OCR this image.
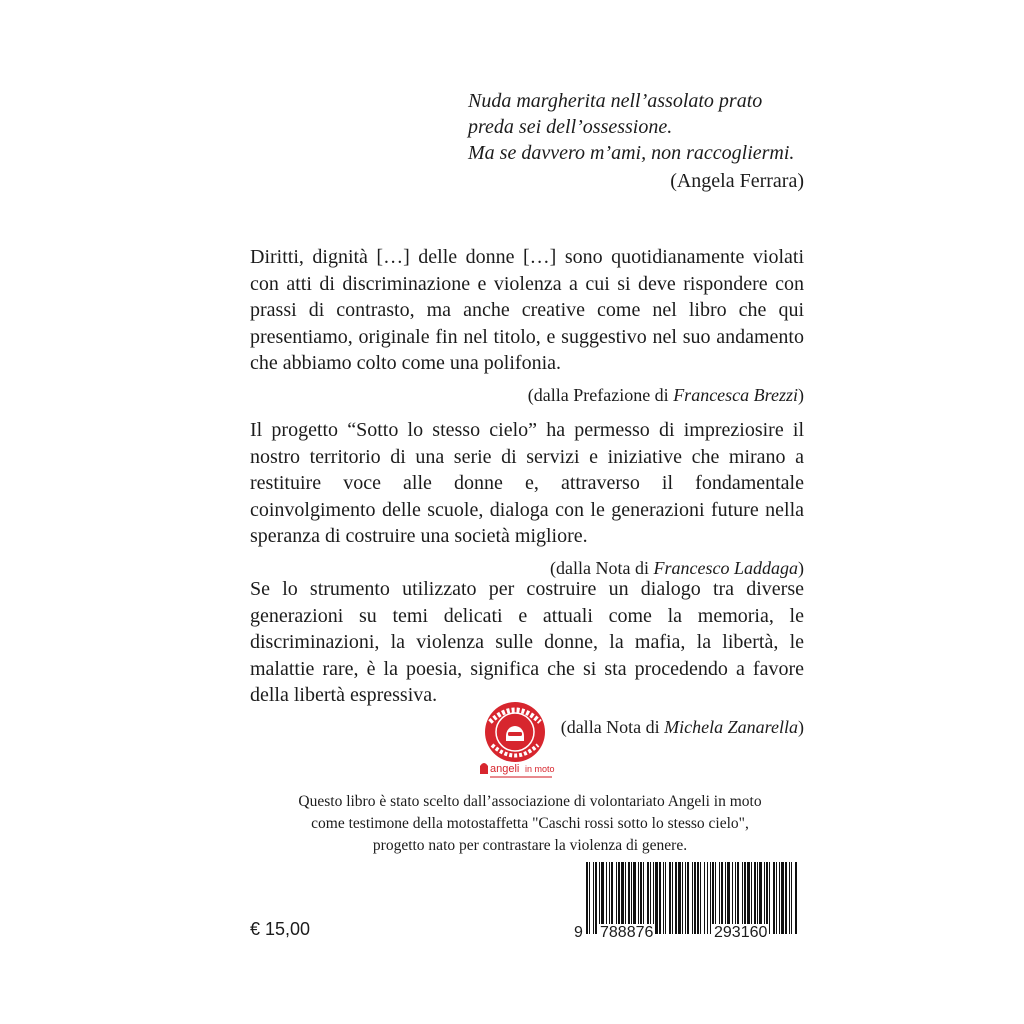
Nuda margherita nell’assolato prato
preda sei dell’ossessione.
Ma se davvero m’ami, non raccogliermi.
(Angela Ferrara)

Diritti, dignità […] delle donne […] sono quotidianamente violati con atti di discriminazione e violenza a cui si deve rispondere con prassi di contrasto, ma anche creative come nel libro che qui presentiamo, originale fin nel titolo, e suggestivo nel suo andamento che abbiamo colto come una polifonia.

(dalla Prefazione di Francesca Brezzi)

Il progetto “Sotto lo stesso cielo” ha permesso di impreziosire il nostro territorio di una serie di servizi e iniziative che mirano a restituire voce alle donne e, attraverso il fondamentale coinvolgimento delle scuole, dialoga con le generazioni future nella speranza di costruire una società migliore.

(dalla Nota di Francesco Laddaga)

Se lo strumento utilizzato per costruire un dialogo tra diverse generazioni su temi delicati e attuali come la memoria, le discriminazioni, la violenza sulle donne, la mafia, la libertà, le malattie rare, è la poesia, significa che si sta procedendo a favore della libertà espressiva.

(dalla Nota di Michela Zanarella)
angeli in moto
Questo libro è stato scelto dall’associazione di volontariato Angeli in moto
come testimone della motostaffetta "Caschi rossi sotto lo stesso cielo",
progetto nato per contrastare la violenza di genere.
9 788876	293160
€ 15,00
